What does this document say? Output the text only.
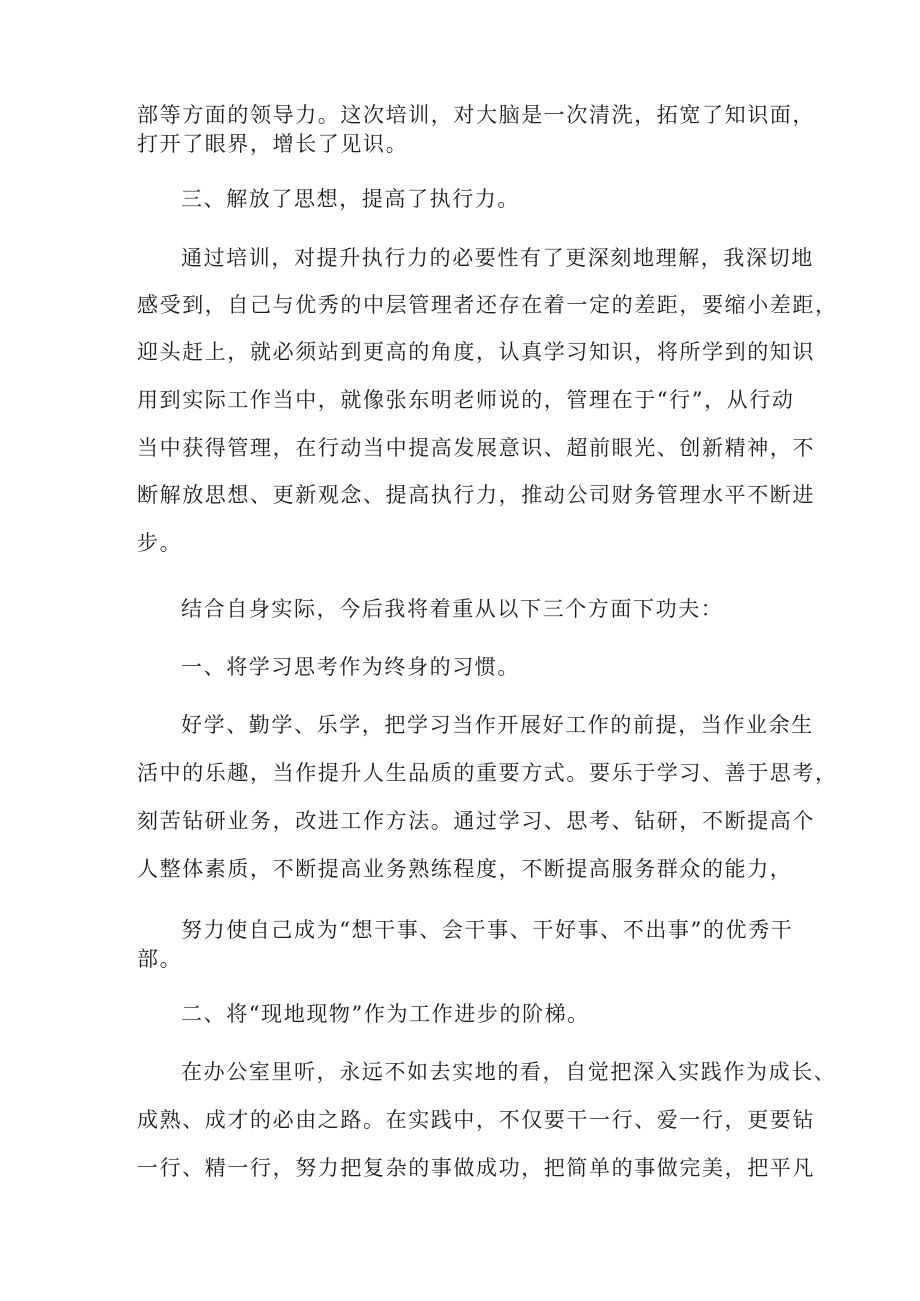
部等方面的领导力。这次培训，对大脑是一次清洗，拓宽了知识面，
打开了眼界，增长了见识。
三、解放了思想，提高了执行力。
通过培训，对提升执行力的必要性有了更深刻地理解，我深切地
感受到，自己与优秀的中层管理者还存在着一定的差距，要缩小差距，
迎头赶上，就必须站到更高的角度，认真学习知识，将所学到的知识
用到实际工作当中，就像张东明老师说的，管理在于“行”，从行动
当中获得管理，在行动当中提高发展意识、超前眼光、创新精神，不
断解放思想、更新观念、提高执行力，推动公司财务管理水平不断进
步。
结合自身实际，今后我将着重从以下三个方面下功夫：
一、将学习思考作为终身的习惯。
好学、勤学、乐学，把学习当作开展好工作的前提，当作业余生
活中的乐趣，当作提升人生品质的重要方式。要乐于学习、善于思考，
刻苦钻研业务，改进工作方法。通过学习、思考、钻研，不断提高个
人整体素质，不断提高业务熟练程度，不断提高服务群众的能力，
努力使自己成为“想干事、会干事、干好事、不出事”的优秀干
部。
二、将“现地现物”作为工作进步的阶梯。
在办公室里听，永远不如去实地的看，自觉把深入实践作为成长、
成熟、成才的必由之路。在实践中，不仅要干一行、爱一行，更要钻
一行、精一行，努力把复杂的事做成功，把简单的事做完美，把平凡
